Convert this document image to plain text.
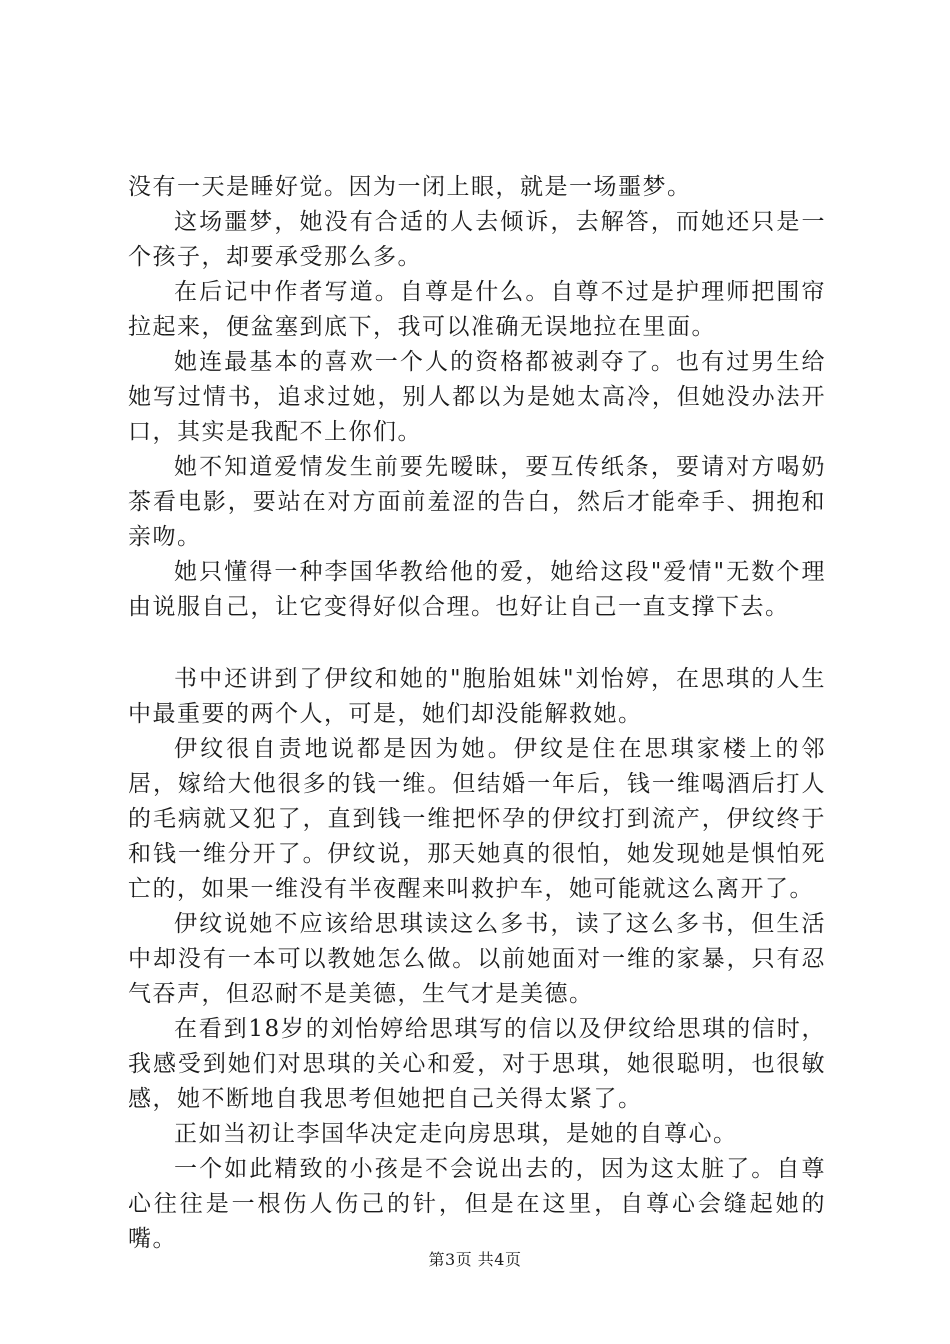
没有一天是睡好觉。因为一闭上眼，就是一场噩梦。

这场噩梦，她没有合适的人去倾诉，去解答，而她还只是一个孩子，却要承受那么多。

在后记中作者写道。自尊是什么。自尊不过是护理师把围帘拉起来，便盆塞到底下，我可以准确无误地拉在里面。

她连最基本的喜欢一个人的资格都被剥夺了。也有过男生给她写过情书，追求过她，别人都以为是她太高冷，但她没办法开口，其实是我配不上你们。

她不知道爱情发生前要先暧昧，要互传纸条，要请对方喝奶茶看电影，要站在对方面前羞涩的告白，然后才能牵手、拥抱和亲吻。

她只懂得一种李国华教给他的爱，她给这段"爱情"无数个理由说服自己，让它变得好似合理。也好让自己一直支撑下去。

书中还讲到了伊纹和她的"胞胎姐妹"刘怡婷，在思琪的人生中最重要的两个人，可是，她们却没能解救她。

伊纹很自责地说都是因为她。伊纹是住在思琪家楼上的邻居，嫁给大他很多的钱一维。但结婚一年后，钱一维喝酒后打人的毛病就又犯了，直到钱一维把怀孕的伊纹打到流产，伊纹终于和钱一维分开了。伊纹说，那天她真的很怕，她发现她是惧怕死亡的，如果一维没有半夜醒来叫救护车，她可能就这么离开了。

伊纹说她不应该给思琪读这么多书，读了这么多书，但生活中却没有一本可以教她怎么做。以前她面对一维的家暴，只有忍气吞声，但忍耐不是美德，生气才是美德。

在看到18岁的刘怡婷给思琪写的信以及伊纹给思琪的信时，我感受到她们对思琪的关心和爱，对于思琪，她很聪明，也很敏感，她不断地自我思考但她把自己关得太紧了。

正如当初让李国华决定走向房思琪，是她的自尊心。

一个如此精致的小孩是不会说出去的，因为这太脏了。自尊心往往是一根伤人伤己的针，但是在这里，自尊心会缝起她的嘴。

第3页 共4页
